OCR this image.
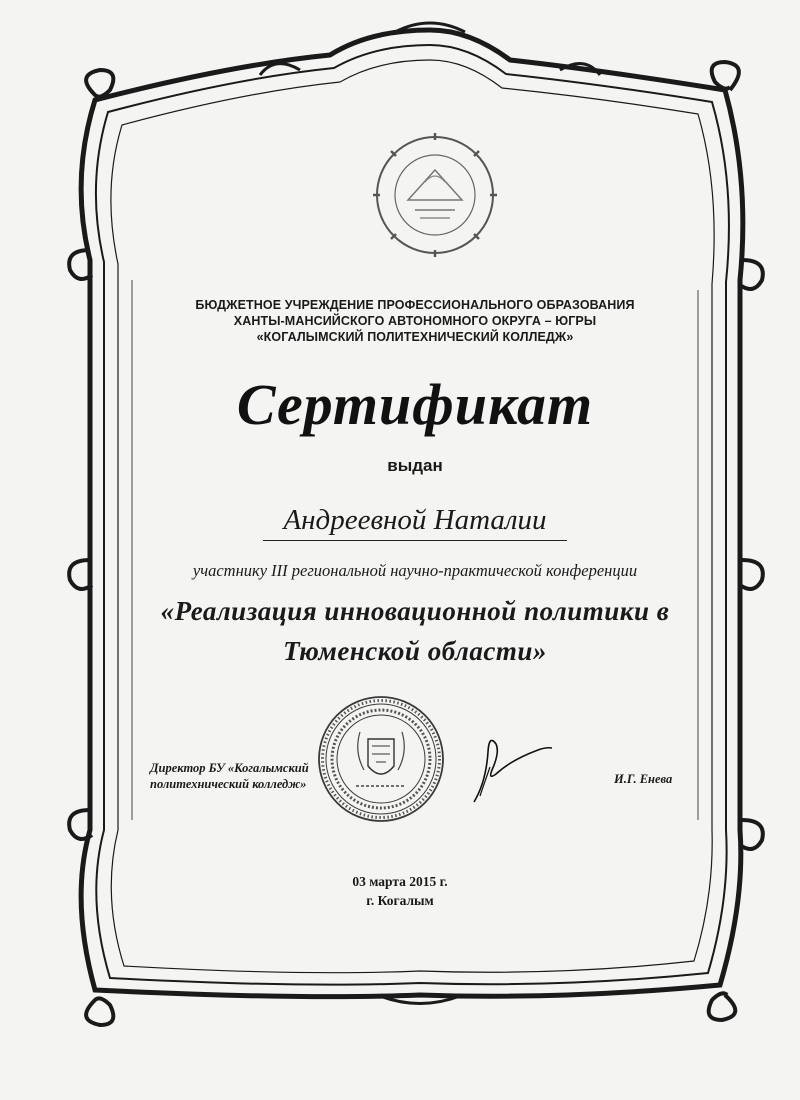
БЮДЖЕТНОЕ УЧРЕЖДЕНИЕ ПРОФЕССИОНАЛЬНОГО ОБРАЗОВАНИЯ
ХАНТЫ-МАНСИЙСКОГО АВТОНОМНОГО ОКРУГА – ЮГРЫ
«КОГАЛЫМСКИЙ ПОЛИТЕХНИЧЕСКИЙ КОЛЛЕДЖ»
Сертификат
выдан
Андреевной Наталии
участнику III региональной научно-практической конференции
«Реализация инновационной политики в
Тюменской области»
Директор БУ «Когалымский
политехнический колледж»	И.Г. Енева
03 марта 2015 г.
г. Когалым
